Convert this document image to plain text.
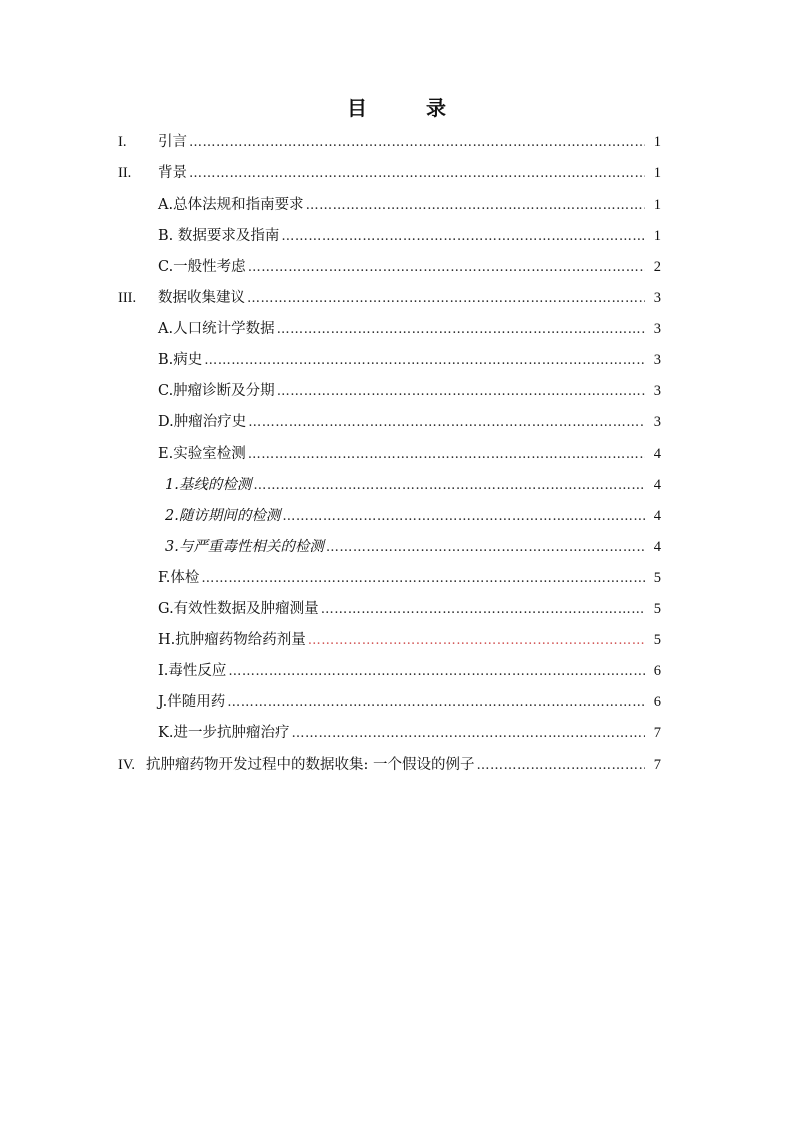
目 录
I.	引言 …………………………………………………………………………………………………………………………………………………………………………………………	1
II.	背景 …………………………………………………………………………………………………………………………………………………………………………………………	1
A.总体法规和指南要求 …………………………………………………………………………………………………………………………………………………………………………………………	1
B. 数据要求及指南 …………………………………………………………………………………………………………………………………………………………………………………………	1
C.一般性考虑 …………………………………………………………………………………………………………………………………………………………………………………………	2
III.	数据收集建议 …………………………………………………………………………………………………………………………………………………………………………………………	3
A.人口统计学数据 …………………………………………………………………………………………………………………………………………………………………………………………	3
B.病史 …………………………………………………………………………………………………………………………………………………………………………………………	3
C.肿瘤诊断及分期 …………………………………………………………………………………………………………………………………………………………………………………………	3
D.肿瘤治疗史 …………………………………………………………………………………………………………………………………………………………………………………………	3
E.实验室检测 …………………………………………………………………………………………………………………………………………………………………………………………	4
1.基线的检测 …………………………………………………………………………………………………………………………………………………………………………………………	4
2.随访期间的检测 …………………………………………………………………………………………………………………………………………………………………………………………	4
3.与严重毒性相关的检测 …………………………………………………………………………………………………………………………………………………………………………………………	4
F.体检 …………………………………………………………………………………………………………………………………………………………………………………………	5
G.有效性数据及肿瘤测量 …………………………………………………………………………………………………………………………………………………………………………………………	5
H.抗肿瘤药物给药剂量 …………………………………………………………………………………………………………………………………………………………………………………………	5
I.毒性反应 …………………………………………………………………………………………………………………………………………………………………………………………	6
J.伴随用药 …………………………………………………………………………………………………………………………………………………………………………………………	6
K.进一步抗肿瘤治疗 …………………………………………………………………………………………………………………………………………………………………………………………	7
IV. 抗肿瘤药物开发过程中的数据收集: 一个假设的例子 …………………………………………………………………………………………………………………………………………………………………………………………	7
